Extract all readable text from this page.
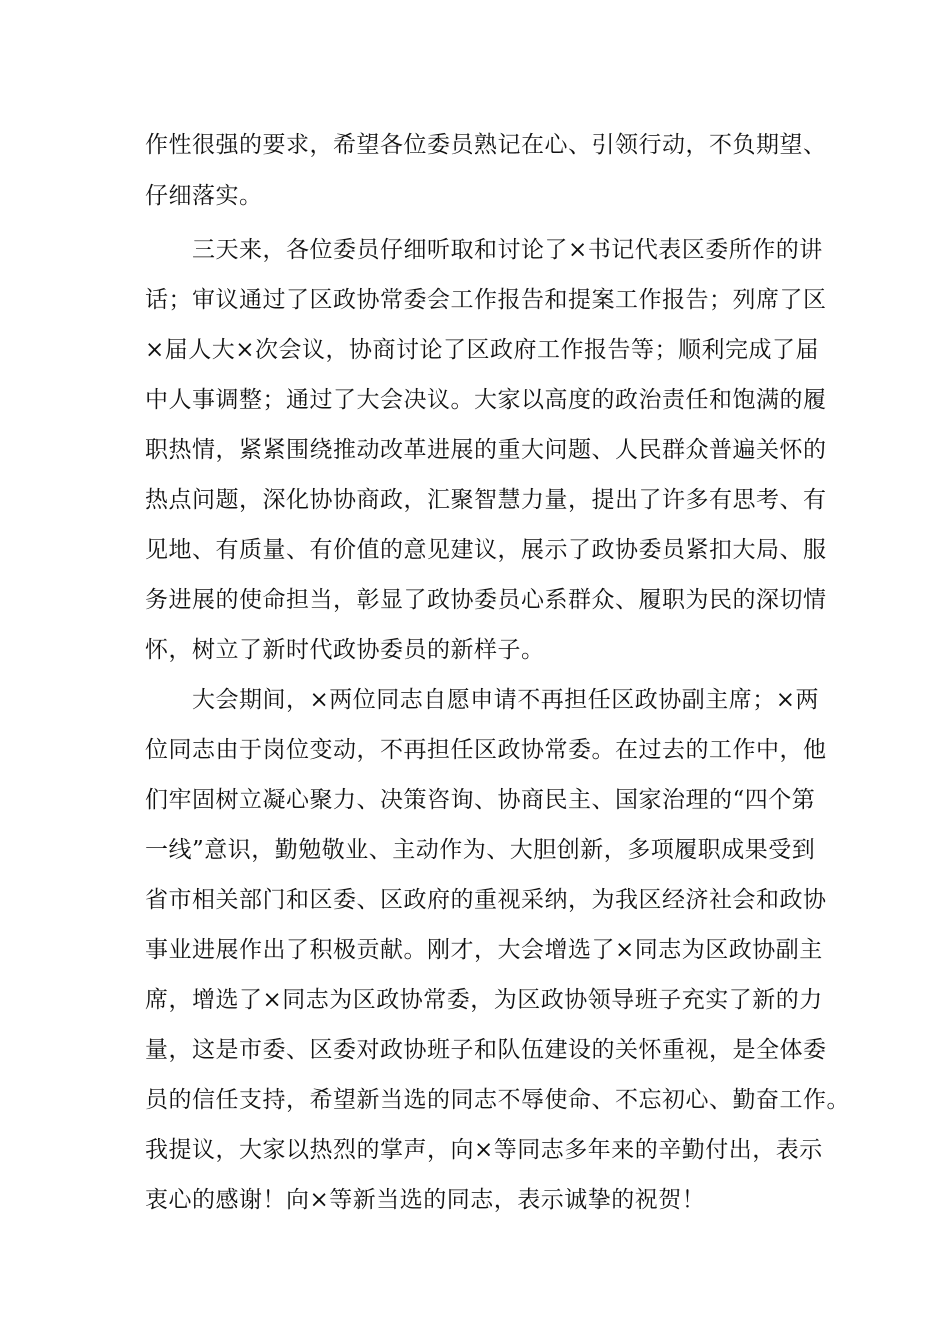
作性很强的要求，希望各位委员熟记在心、引领行动，不负期望、
仔细落实。
　　三天来，各位委员仔细听取和讨论了×书记代表区委所作的讲
话；审议通过了区政协常委会工作报告和提案工作报告；列席了区
×届人大×次会议，协商讨论了区政府工作报告等；顺利完成了届
中人事调整；通过了大会决议。大家以高度的政治责任和饱满的履
职热情，紧紧围绕推动改革进展的重大问题、人民群众普遍关怀的
热点问题，深化协协商政，汇聚智慧力量，提出了许多有思考、有
见地、有质量、有价值的意见建议，展示了政协委员紧扣大局、服
务进展的使命担当，彰显了政协委员心系群众、履职为民的深切情
怀，树立了新时代政协委员的新样子。
　　大会期间，×两位同志自愿申请不再担任区政协副主席；×两
位同志由于岗位变动，不再担任区政协常委。在过去的工作中，他
们牢固树立凝心聚力、决策咨询、协商民主、国家治理的“四个第
一线”意识，勤勉敬业、主动作为、大胆创新，多项履职成果受到
省市相关部门和区委、区政府的重视采纳，为我区经济社会和政协
事业进展作出了积极贡献。刚才，大会增选了×同志为区政协副主
席，增选了×同志为区政协常委，为区政协领导班子充实了新的力
量，这是市委、区委对政协班子和队伍建设的关怀重视，是全体委
员的信任支持，希望新当选的同志不辱使命、不忘初心、勤奋工作。
我提议，大家以热烈的掌声，向×等同志多年来的辛勤付出，表示
衷心的感谢！向×等新当选的同志，表示诚挚的祝贺！
